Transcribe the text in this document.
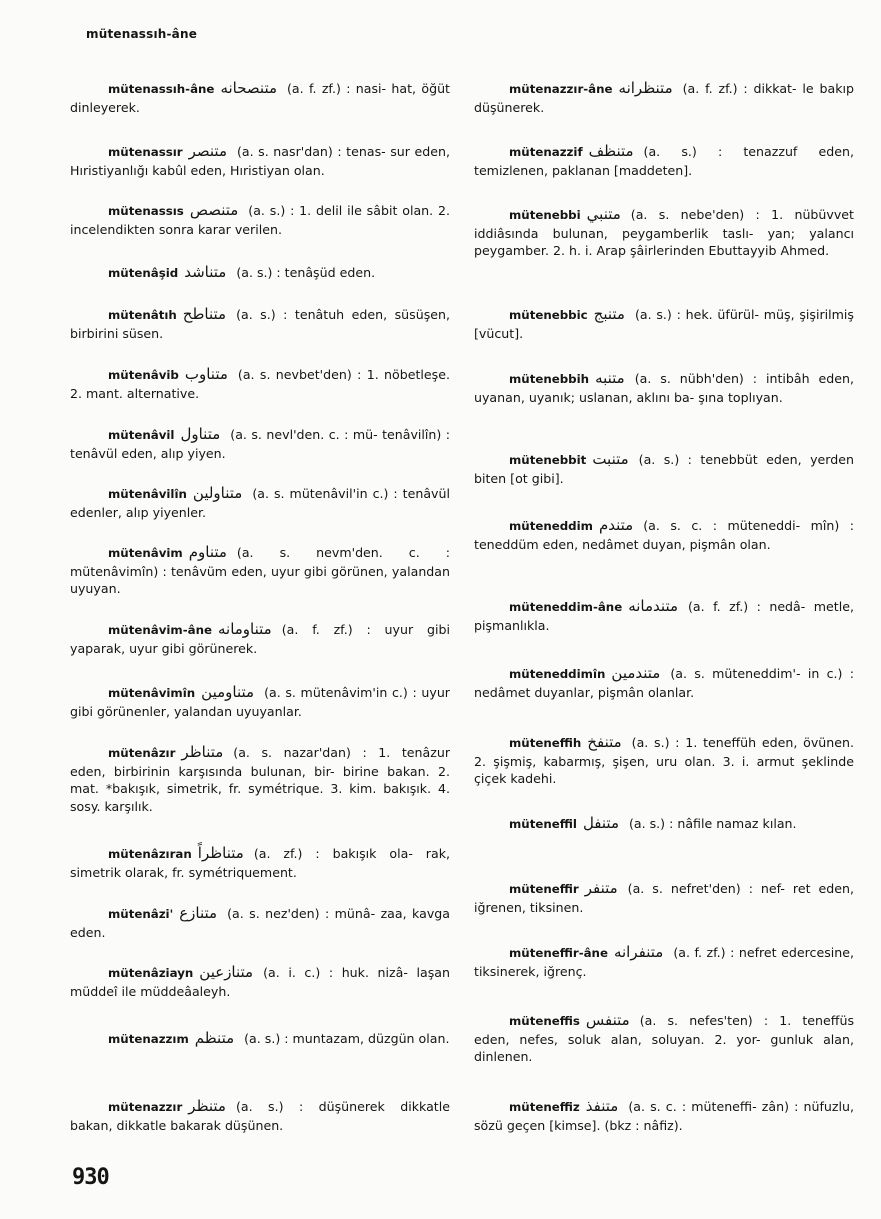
mütenassıh-âne
mütenassıh-âne متنصحانه (a. f. zf.) : nasi- hat, öğüt dinleyerek.
mütenassır متنصر (a. s. nasr'dan) : tenas- sur eden, Hıristiyanlığı kabûl eden, Hıristiyan olan.
mütenassıs متنصص (a. s.) : 1. delil ile sâbit olan. 2. incelendikten sonra karar verilen.
mütenâşid متناشد (a. s.) : tenâşüd eden.
mütenâtıh متناطح (a. s.) : tenâtuh eden, süsüşen, birbirini süsen.
mütenâvib متناوب (a. s. nevbet'den) : 1. nöbetleşe. 2. mant. alternative.
mütenâvil متناول (a. s. nevl'den. c. : mü- tenâvilîn) : tenâvül eden, alıp yiyen.
mütenâvilîn متناولين (a. s. mütenâvil'in c.) : tenâvül edenler, alıp yiyenler.
mütenâvim متناوم (a. s. nevm'den. c. : mütenâvimîn) : tenâvüm eden, uyur gibi görünen, yalandan uyuyan.
mütenâvim-âne متناومانه (a. f. zf.) : uyur gibi yaparak, uyur gibi görünerek.
mütenâvimîn متناومين (a. s. mütenâvim'in c.) : uyur gibi görünenler, yalandan uyuyanlar.
mütenâzır متناظر (a. s. nazar'dan) : 1. tenâzur eden, birbirinin karşısında bulunan, bir- birine bakan. 2. mat. *bakışık, simetrik, fr. symétrique. 3. kim. bakışık. 4. sosy. karşılık.
mütenâzıran متناظراً (a. zf.) : bakışık ola- rak, simetrik olarak, fr. symétriquement.
mütenâzi' متنازع (a. s. nez'den) : münâ- zaa, kavga eden.
mütenâziayn متنازعين (a. i. c.) : huk. nizâ- laşan müddeî ile müddeâaleyh.
mütenazzım متنظم (a. s.) : muntazam, düzgün olan.
mütenazzır متنظر (a. s.) : düşünerek dikkatle bakan, dikkatle bakarak düşünen.
mütenazzır-âne متنظرانه (a. f. zf.) : dikkat- le bakıp düşünerek.
mütenazzif متنظف (a. s.) : tenazzuf eden, temizlenen, paklanan [maddeten].
mütenebbi متنبي (a. s. nebe'den) : 1. nübüvvet iddiâsında bulunan, peygamberlik taslı- yan; yalancı peygamber. 2. h. i. Arap şâirlerinden Ebuttayyib Ahmed.
mütenebbic متنبج (a. s.) : hek. üfürül- müş, şişirilmiş [vücut].
mütenebbih متنبه (a. s. nübh'den) : intibâh eden, uyanan, uyanık; uslanan, aklını ba- şına toplıyan.
mütenebbit متنبت (a. s.) : tenebbüt eden, yerden biten [ot gibi].
müteneddim متندم (a. s. c. : müteneddi- mîn) : teneddüm eden, nedâmet duyan, pişmân olan.
müteneddim-âne متندمانه (a. f. zf.) : nedâ- metle, pişmanlıkla.
müteneddimîn متندمين (a. s. müteneddim'- in c.) : nedâmet duyanlar, pişmân olanlar.
müteneffih متنفخ (a. s.) : 1. teneffüh eden, övünen. 2. şişmiş, kabarmış, şişen, uru olan. 3. i. armut şeklinde çiçek kadehi.
müteneffil متنفل (a. s.) : nâfile namaz kılan.
müteneffir متنفر (a. s. nefret'den) : nef- ret eden, iğrenen, tiksinen.
müteneffir-âne متنفرانه (a. f. zf.) : nefret edercesine, tiksinerek, iğrenç.
müteneffis متنفس (a. s. nefes'ten) : 1. teneffüs eden, nefes, soluk alan, soluyan. 2. yor- gunluk alan, dinlenen.
müteneffiz متنفذ (a. s. c. : müteneffi- zân) : nüfuzlu, sözü geçen [kimse]. (bkz : nâfiz).
930
